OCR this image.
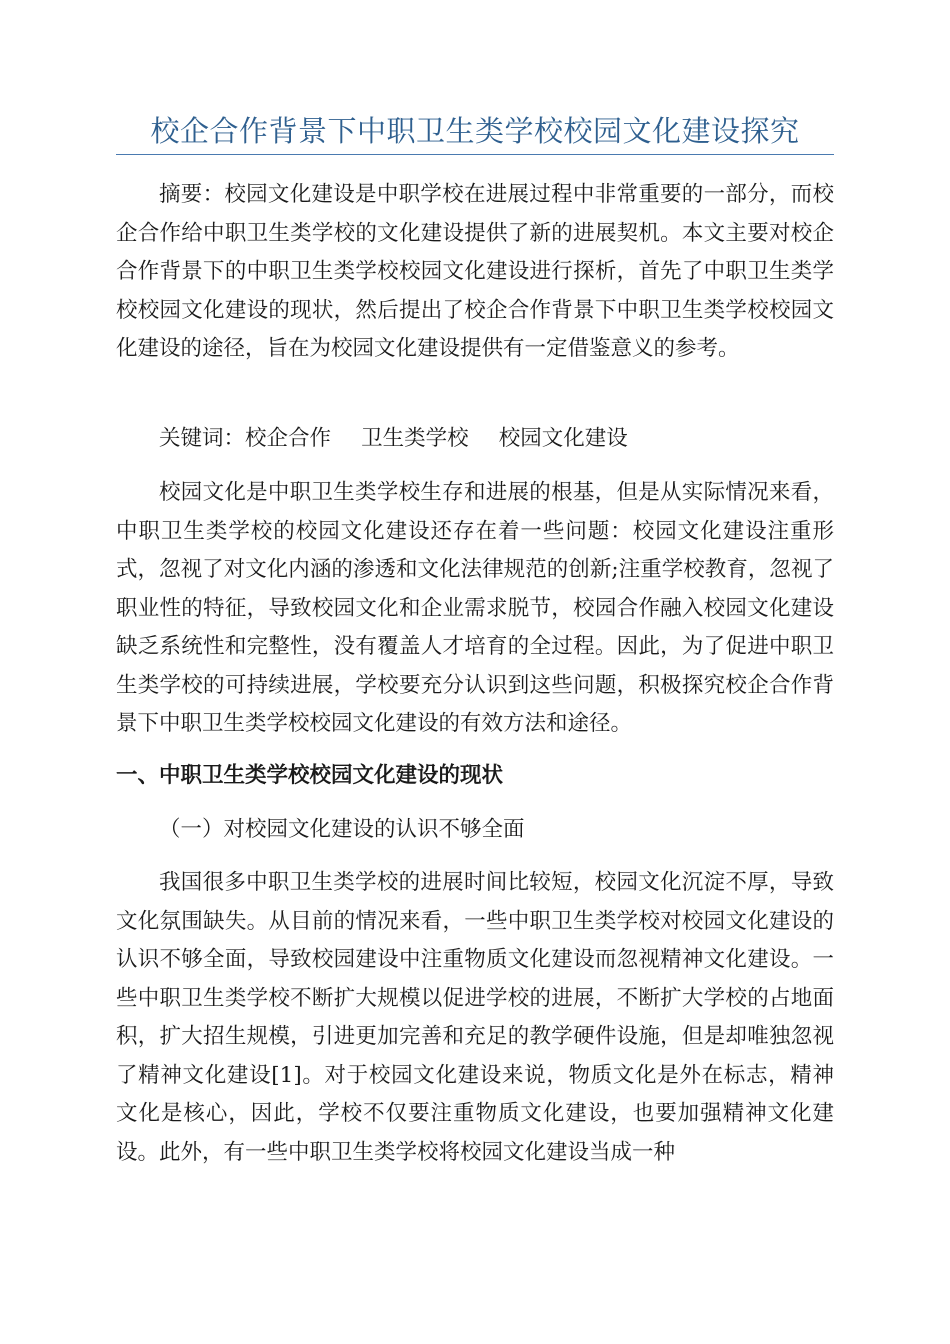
校企合作背景下中职卫生类学校校园文化建设探究

摘要：校园文化建设是中职学校在进展过程中非常重要的一部分，而校企合作给中职卫生类学校的文化建设提供了新的进展契机。本文主要对校企合作背景下的中职卫生类学校校园文化建设进行探析，首先了中职卫生类学校校园文化建设的现状，然后提出了校企合作背景下中职卫生类学校校园文化建设的途径，旨在为校园文化建设提供有一定借鉴意义的参考。

关键词：校企合作 卫生类学校 校园文化建设

校园文化是中职卫生类学校生存和进展的根基，但是从实际情况来看，中职卫生类学校的校园文化建设还存在着一些问题：校园文化建设注重形式，忽视了对文化内涵的渗透和文化法律规范的创新;注重学校教育，忽视了职业性的特征，导致校园文化和企业需求脱节，校园合作融入校园文化建设缺乏系统性和完整性，没有覆盖人才培育的全过程。因此，为了促进中职卫生类学校的可持续进展，学校要充分认识到这些问题，积极探究校企合作背景下中职卫生类学校校园文化建设的有效方法和途径。

一、中职卫生类学校校园文化建设的现状

（一）对校园文化建设的认识不够全面

我国很多中职卫生类学校的进展时间比较短，校园文化沉淀不厚，导致文化氛围缺失。从目前的情况来看，一些中职卫生类学校对校园文化建设的认识不够全面，导致校园建设中注重物质文化建设而忽视精神文化建设。一些中职卫生类学校不断扩大规模以促进学校的进展，不断扩大学校的占地面积，扩大招生规模，引进更加完善和充足的教学硬件设施，但是却唯独忽视了精神文化建设[1]。对于校园文化建设来说，物质文化是外在标志，精神文化是核心，因此，学校不仅要注重物质文化建设，也要加强精神文化建设。此外，有一些中职卫生类学校将校园文化建设当成一种
